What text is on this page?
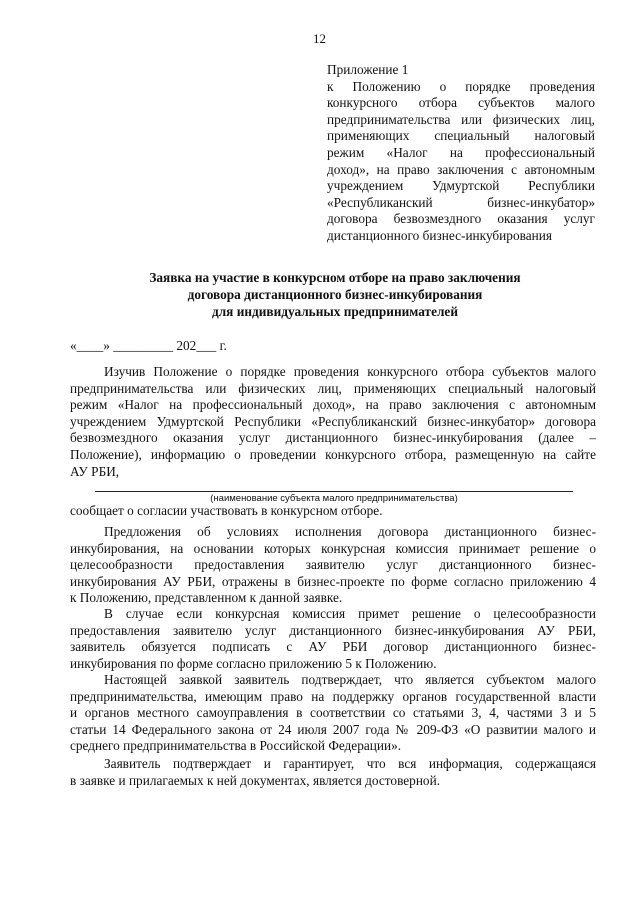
12
Приложение 1
к Положению о порядке проведения
конкурсного отбора субъектов малого
предпринимательства или физических лиц,
применяющих специальный налоговый
режим «Налог на профессиональный
доход», на право заключения с автономным
учреждением Удмуртской Республики
«Республиканский бизнес-инкубатор»
договора безвозмездного оказания услуг
дистанционного бизнес-инкубирования
Заявка на участие в конкурсном отборе на право заключения
договора дистанционного бизнес-инкубирования
для индивидуальных предпринимателей
«____» _________ 202___ г.
Изучив Положение о порядке проведения конкурсного отбора субъектов малого
предпринимательства или физических лиц, применяющих специальный налоговый
режим «Налог на профессиональный доход», на право заключения с автономным
учреждением Удмуртской Республики «Республиканский бизнес-инкубатор» договора
безвозмездного оказания услуг дистанционного бизнес-инкубирования (далее –
Положение), информацию о проведении конкурсного отбора, размещенную на сайте
АУ РБИ,
(наименование субъекта малого предпринимательства)
сообщает о согласии участвовать в конкурсном отборе.
Предложения об условиях исполнения договора дистанционного бизнес-
инкубирования, на основании которых конкурсная комиссия принимает решение о
целесообразности предоставления заявителю услуг дистанционного бизнес-
инкубирования АУ РБИ, отражены в бизнес-проекте по форме согласно приложению 4
к Положению, представленном к данной заявке.
В случае если конкурсная комиссия примет решение о целесообразности
предоставления заявителю услуг дистанционного бизнес-инкубирования АУ РБИ,
заявитель обязуется подписать с АУ РБИ договор дистанционного бизнес-
инкубирования по форме согласно приложению 5 к Положению.
Настоящей заявкой заявитель подтверждает, что является субъектом малого
предпринимательства, имеющим право на поддержку органов государственной власти
и органов местного самоуправления в соответствии со статьями 3, 4, частями 3 и 5
статьи 14 Федерального закона от 24 июля 2007 года № 209-ФЗ «О развитии малого и
среднего предпринимательства в Российской Федерации».
Заявитель подтверждает и гарантирует, что вся информация, содержащаяся
в заявке и прилагаемых к ней документах, является достоверной.
